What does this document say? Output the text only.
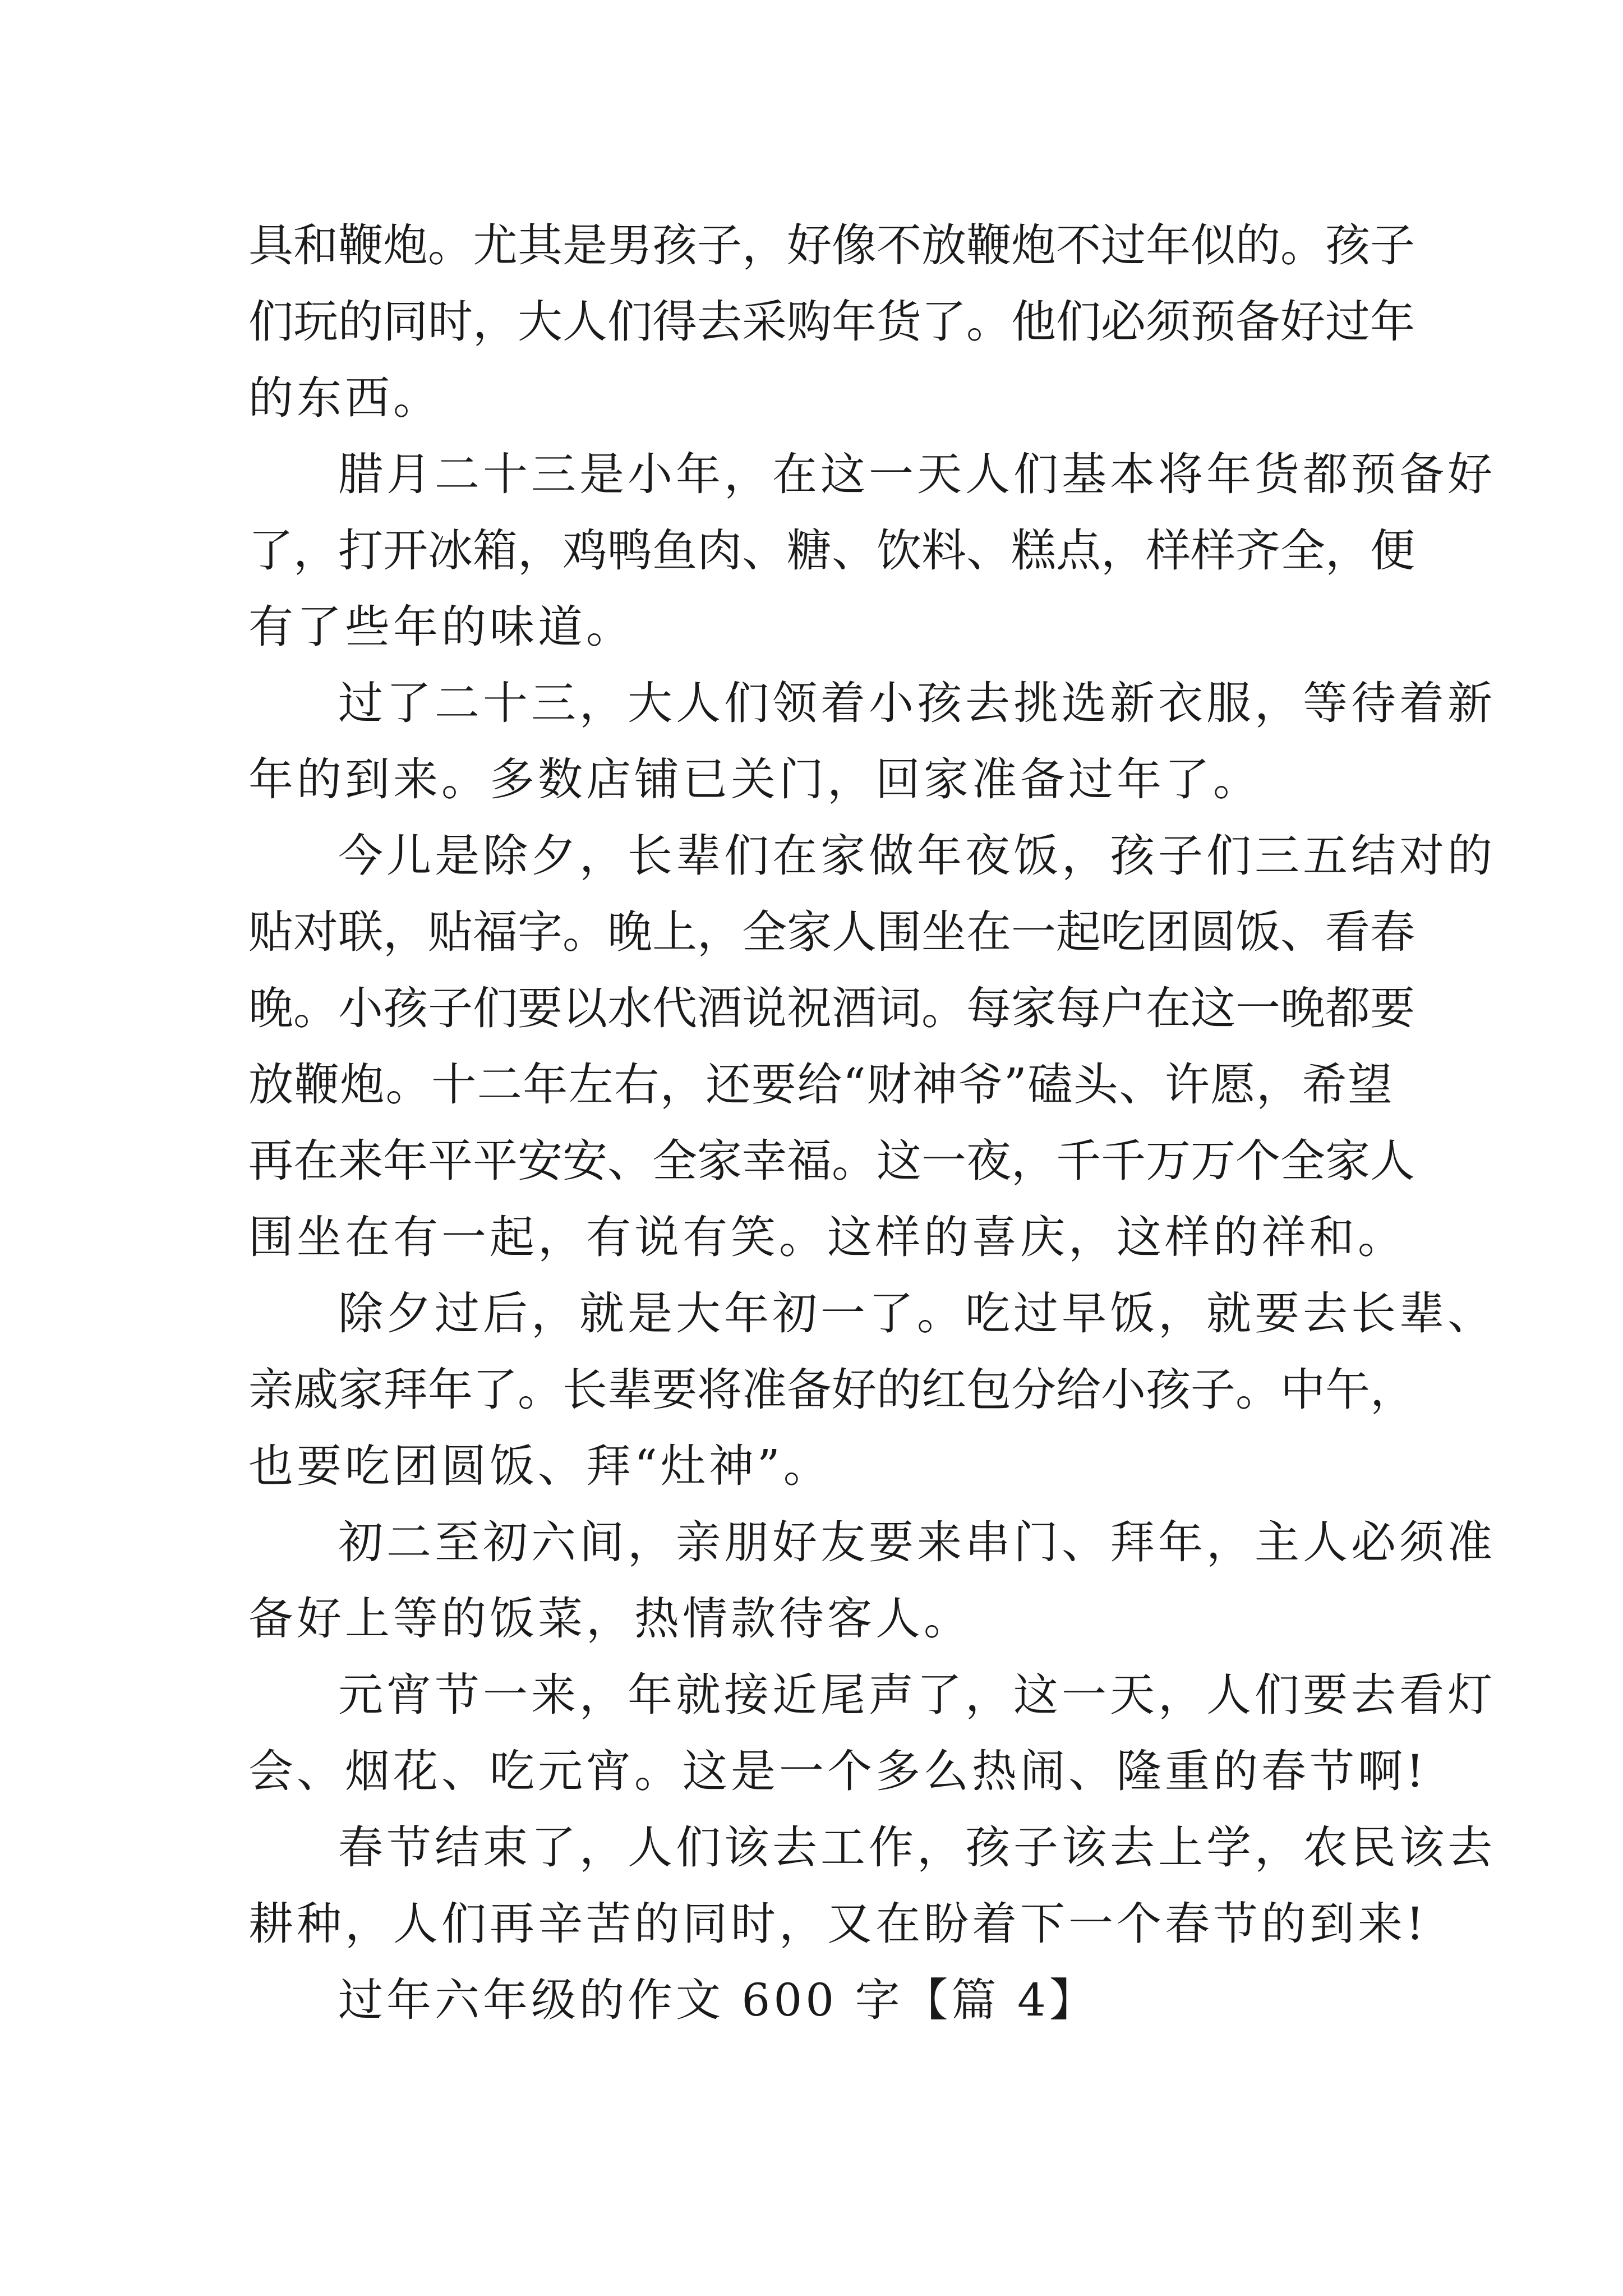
具和鞭炮。尤其是男孩子，好像不放鞭炮不过年似的。孩子
们玩的同时，大人们得去采购年货了。他们必须预备好过年
的东西。
腊月二十三是小年，在这一天人们基本将年货都预备好
了，打开冰箱，鸡鸭鱼肉、糖、饮料、糕点，样样齐全，便
有了些年的味道。
过了二十三，大人们领着小孩去挑选新衣服，等待着新
年的到来。多数店铺已关门，回家准备过年了。
今儿是除夕，长辈们在家做年夜饭，孩子们三五结对的
贴对联，贴福字。晚上，全家人围坐在一起吃团圆饭、看春
晚。小孩子们要以水代酒说祝酒词。每家每户在这一晚都要
放鞭炮。十二年左右，还要给“财神爷”磕头、许愿，希望
再在来年平平安安、全家幸福。这一夜，千千万万个全家人
围坐在有一起，有说有笑。这样的喜庆，这样的祥和。
除夕过后，就是大年初一了。吃过早饭，就要去长辈、
亲戚家拜年了。长辈要将准备好的红包分给小孩子。中午，
也要吃团圆饭、拜“灶神”。
初二至初六间，亲朋好友要来串门、拜年，主人必须准
备好上等的饭菜，热情款待客人。
元宵节一来，年就接近尾声了，这一天，人们要去看灯
会、烟花、吃元宵。这是一个多么热闹、隆重的春节啊!
春节结束了，人们该去工作，孩子该去上学，农民该去
耕种，人们再辛苦的同时，又在盼着下一个春节的到来!
过年六年级的作文 600 字【篇 4】
